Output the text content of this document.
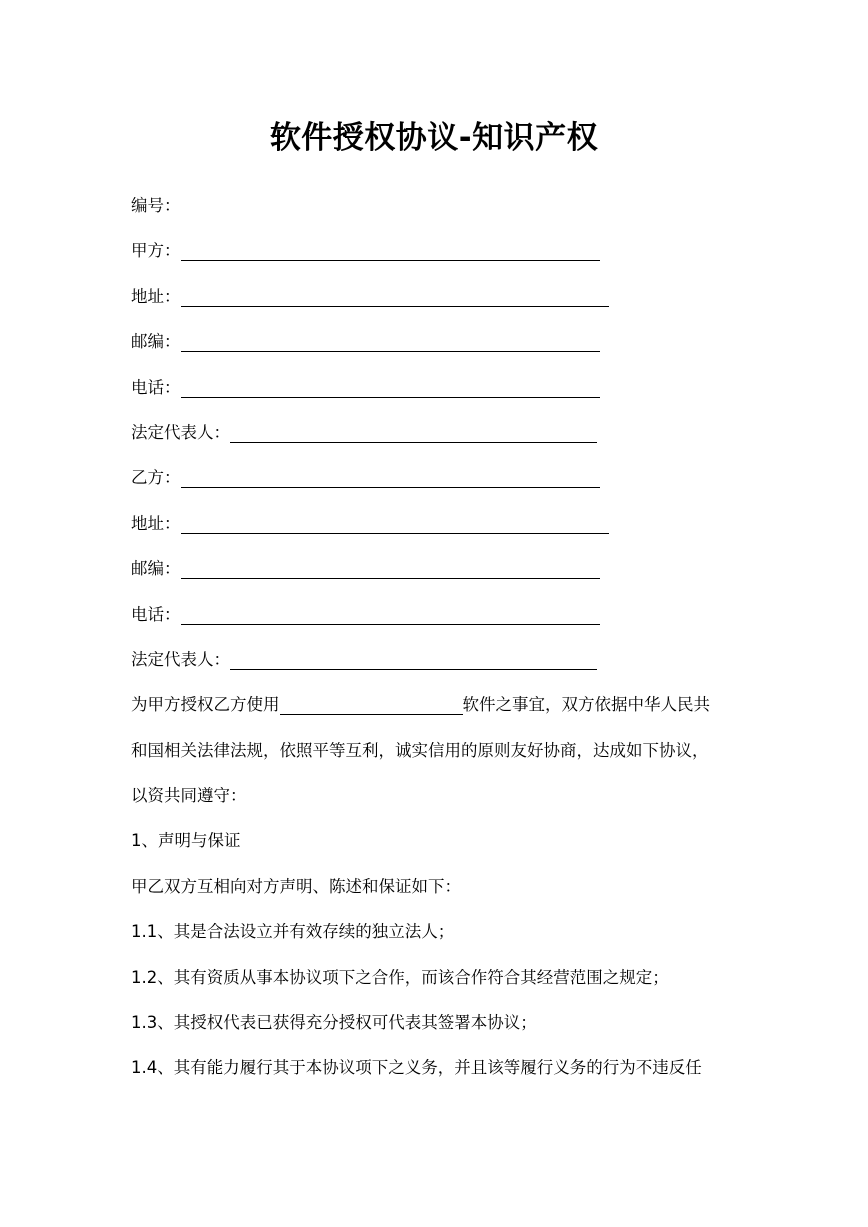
软件授权协议-知识产权
编号：
甲方：
地址：
邮编：
电话：
法定代表人：
乙方：
地址：
邮编：
电话：
法定代表人：
为甲方授权乙方使用	软件之事宜，双方依据中华人民共
和国相关法律法规，依照平等互利，诚实信用的原则友好协商，达成如下协议，
以资共同遵守：
1、声明与保证
甲乙双方互相向对方声明、陈述和保证如下：
1.1、其是合法设立并有效存续的独立法人；
1.2、其有资质从事本协议项下之合作，而该合作符合其经营范围之规定；
1.3、其授权代表已获得充分授权可代表其签署本协议；
1.4、其有能力履行其于本协议项下之义务，并且该等履行义务的行为不违反任
